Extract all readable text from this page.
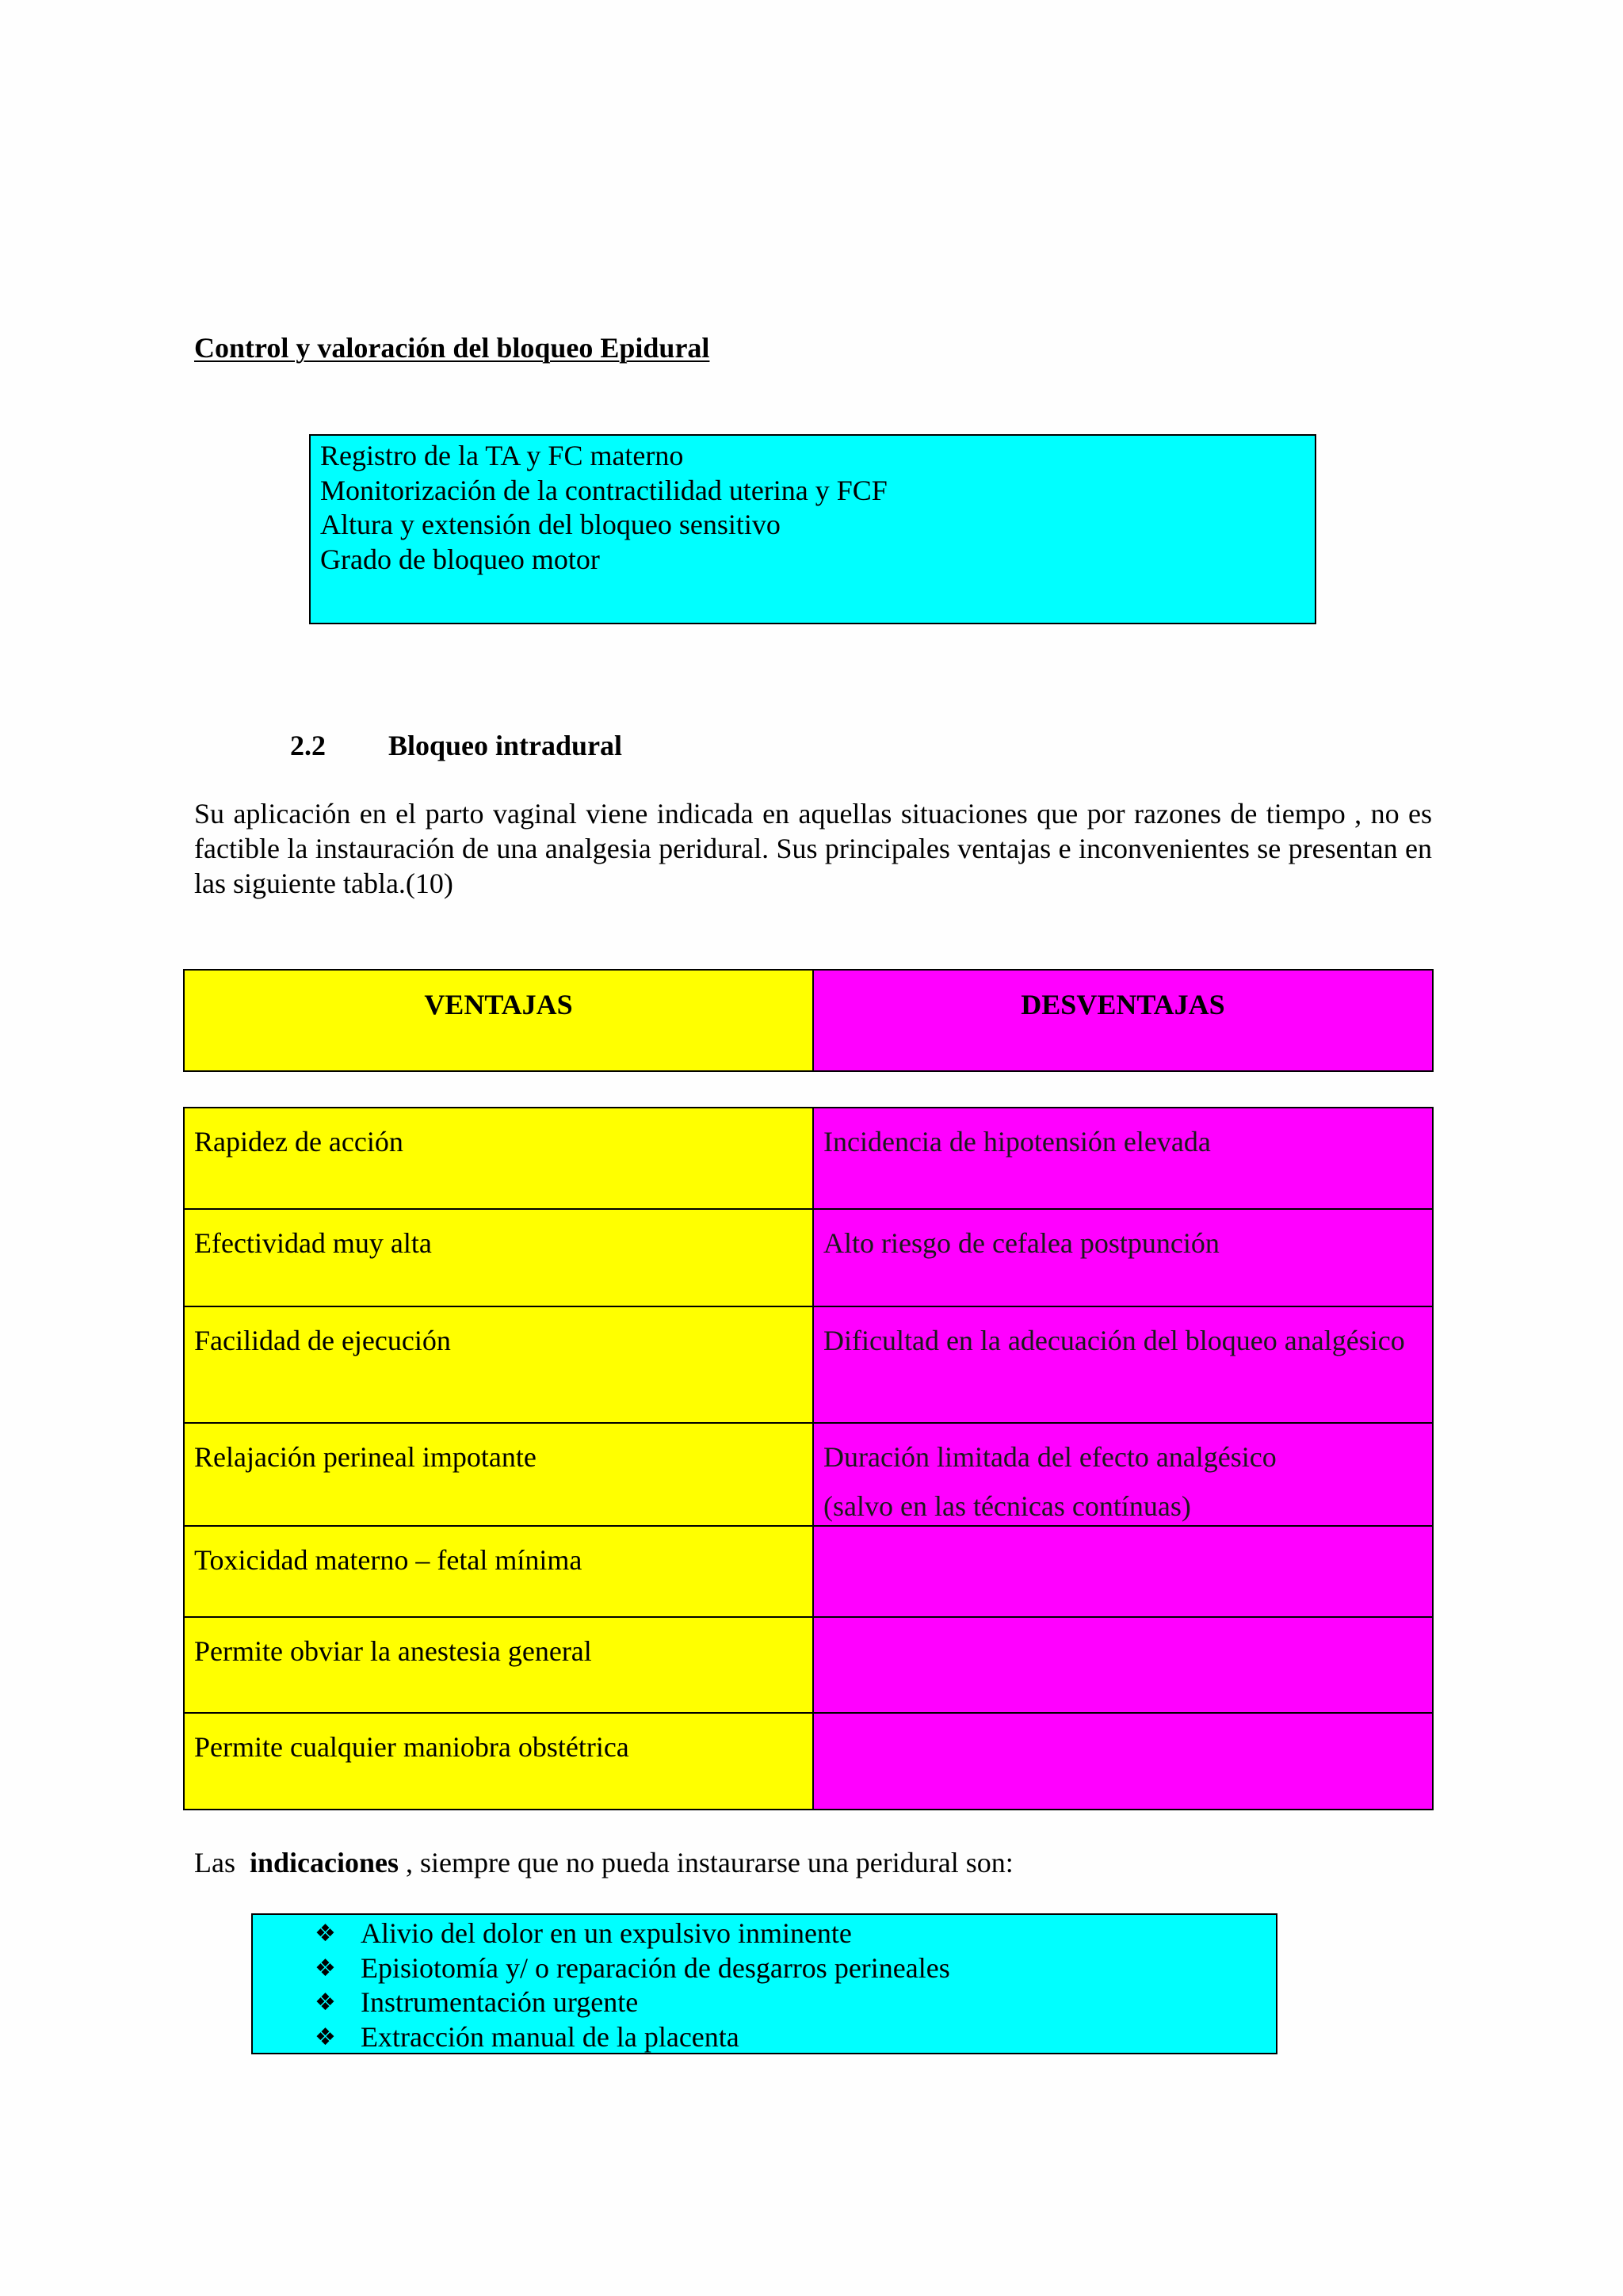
Control y valoración del bloqueo Epidural
Registro de la TA y FC materno
Monitorización de la contractilidad uterina y FCF
Altura y extensión del bloqueo sensitivo
Grado de bloqueo motor
2.2 Bloqueo intradural
Su aplicación en el parto vaginal viene indicada en aquellas situaciones que por razones de tiempo , no es factible la instauración de una analgesia peridural. Sus principales ventajas e inconvenientes se presentan en las siguiente tabla.(10)
VENTAJAS	DESVENTAJAS
Rapidez de acción	Incidencia de hipotensión elevada
Efectividad muy alta	Alto riesgo de cefalea postpunción
Facilidad de ejecución	Dificultad en la adecuación del bloqueo analgésico
Relajación perineal impotante	Duración limitada del efecto analgésico
(salvo en las técnicas contínuas)

Toxicidad materno – fetal mínima	
Permite obviar la anestesia general	
Permite cualquier maniobra obstétrica	
Las indicaciones , siempre que no pueda instaurarse una peridural son:
❖ Alivio del dolor en un expulsivo inminente
❖ Episiotomía y/ o reparación de desgarros perineales
❖ Instrumentación urgente
❖ Extracción manual de la placenta
